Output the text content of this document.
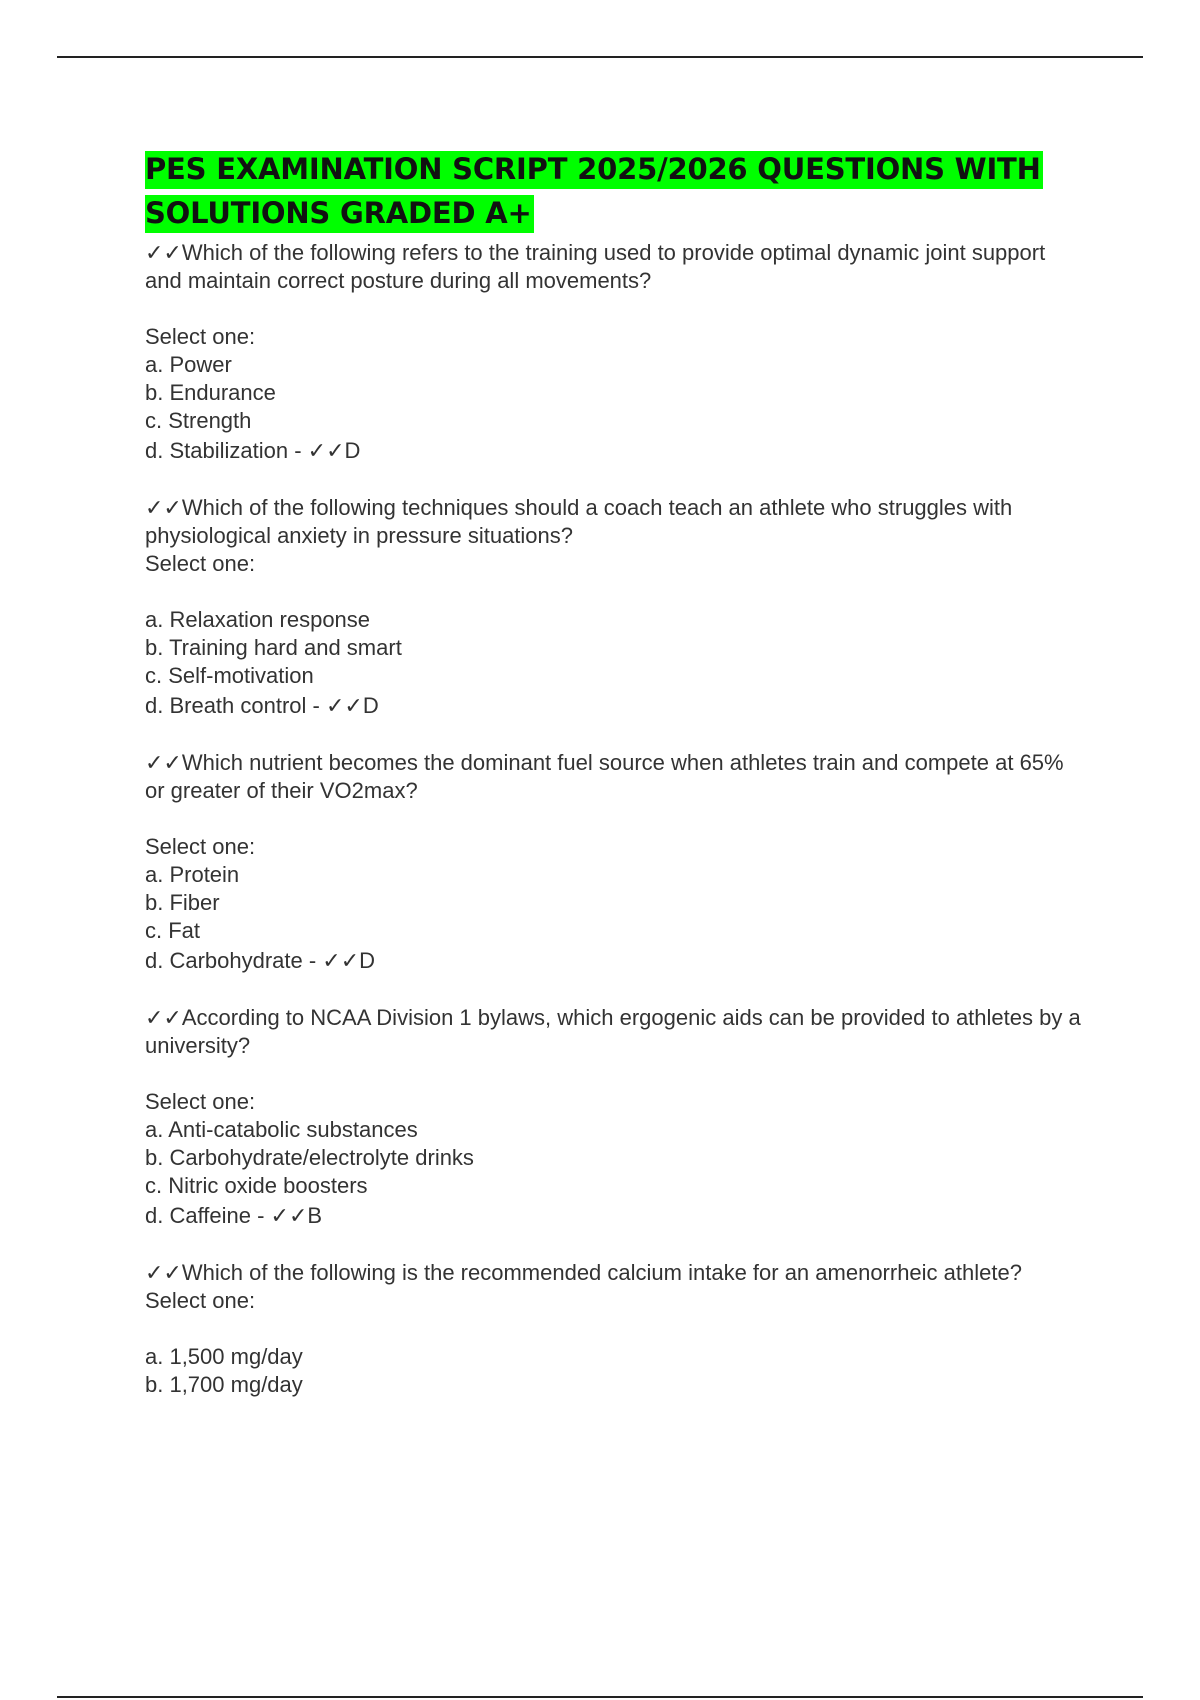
PES EXAMINATION SCRIPT 2025/2026 QUESTIONS WITH SOLUTIONS GRADED A+

✓✓Which of the following refers to the training used to provide optimal dynamic joint support and maintain correct posture during all movements?

Select one:

a. Power

b. Endurance

c. Strength

d. Stabilization - ✓✓D

✓✓Which of the following techniques should a coach teach an athlete who struggles with physiological anxiety in pressure situations?

Select one:

a. Relaxation response

b. Training hard and smart

c. Self-motivation

d. Breath control - ✓✓D

✓✓Which nutrient becomes the dominant fuel source when athletes train and compete at 65% or greater of their VO2max?

Select one:

a. Protein

b. Fiber

c. Fat

d. Carbohydrate - ✓✓D

✓✓According to NCAA Division 1 bylaws, which ergogenic aids can be provided to athletes by a university?

Select one:

a. Anti-catabolic substances

b. Carbohydrate/electrolyte drinks

c. Nitric oxide boosters

d. Caffeine - ✓✓B

✓✓Which of the following is the recommended calcium intake for an amenorrheic athlete?

Select one:

a. 1,500 mg/day

b. 1,700 mg/day
